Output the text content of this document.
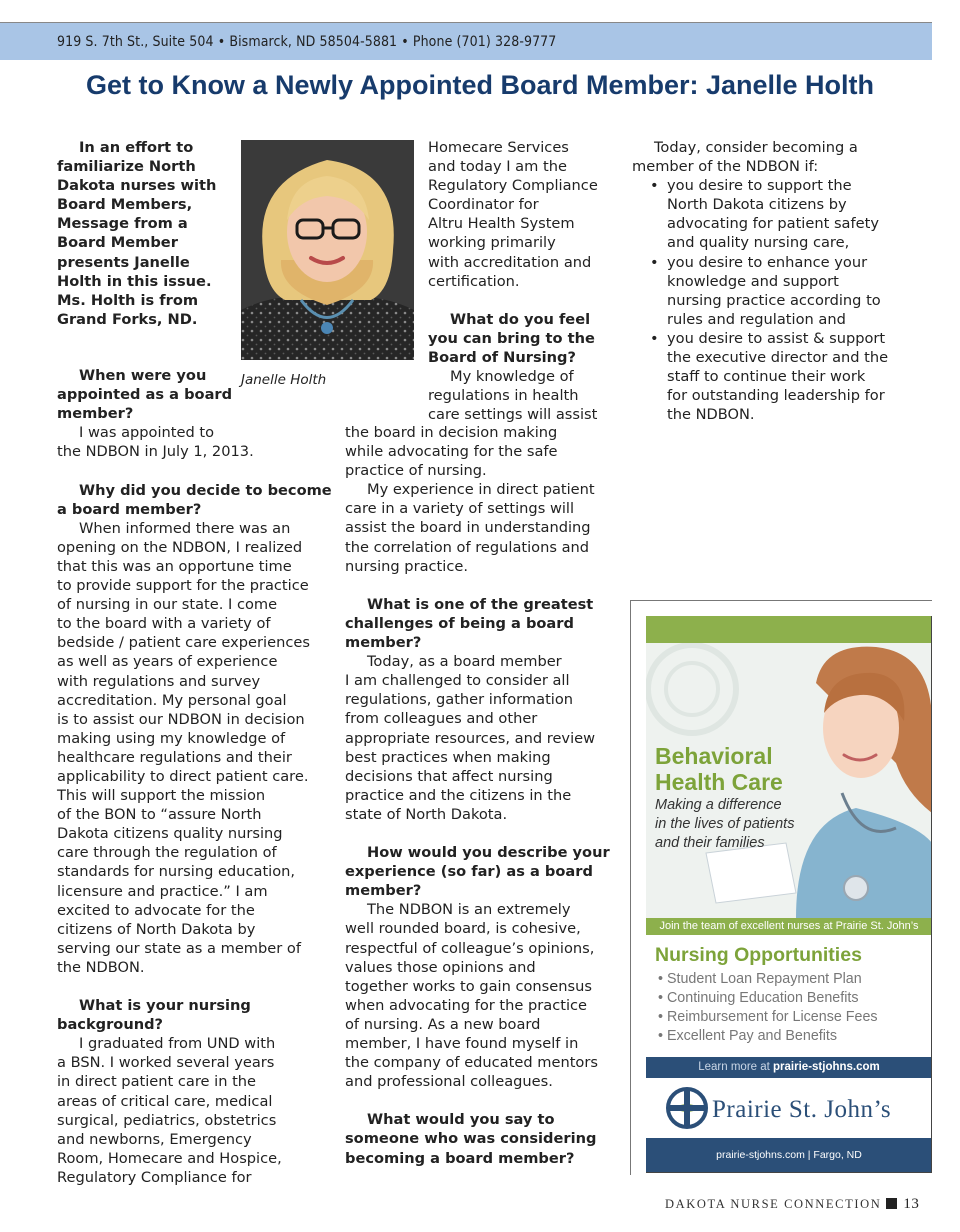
919 S. 7th St., Suite 504 • Bismarck, ND 58504-5881 • Phone (701) 328-9777
Get to Know a Newly Appointed Board Member: Janelle Holth
In an effort to
familiarize North
Dakota nurses with
Board Members,
Message from a
Board Member
presents Janelle
Holth in this issue.
Ms. Holth is from
Grand Forks, ND.
Janelle Holth
When were you
appointed as a board
member?
I was appointed to
the NDBON in July 1, 2013.
Why did you decide to become
a board member?
When informed there was an
opening on the NDBON, I realized
that this was an opportune time
to provide support for the practice
of nursing in our state. I come
to the board with a variety of
bedside / patient care experiences
as well as years of experience
with regulations and survey
accreditation. My personal goal
is to assist our NDBON in decision
making using my knowledge of
healthcare regulations and their
applicability to direct patient care.
This will support the mission
of the BON to “assure North
Dakota citizens quality nursing
care through the regulation of
standards for nursing education,
licensure and practice.” I am
excited to advocate for the
citizens of North Dakota by
serving our state as a member of
the NDBON.
What is your nursing
background?
I graduated from UND with
a BSN. I worked several years
in direct patient care in the
areas of critical care, medical
surgical, pediatrics, obstetrics
and newborns, Emergency
Room, Homecare and Hospice,
Regulatory Compliance for
Homecare Services
and today I am the
Regulatory Compliance
Coordinator for
Altru Health System
working primarily
with accreditation and
certification.
What do you feel
you can bring to the
Board of Nursing?
My knowledge of
regulations in health
care settings will assist
the board in decision making
while advocating for the safe
practice of nursing.
My experience in direct patient
care in a variety of settings will
assist the board in understanding
the correlation of regulations and
nursing practice.
What is one of the greatest
challenges of being a board
member?
Today, as a board member
I am challenged to consider all
regulations, gather information
from colleagues and other
appropriate resources, and review
best practices when making
decisions that affect nursing
practice and the citizens in the
state of North Dakota.
How would you describe your
experience (so far) as a board
member?
The NDBON is an extremely
well rounded board, is cohesive,
respectful of colleague’s opinions,
values those opinions and
together works to gain consensus
when advocating for the practice
of nursing. As a new board
member, I have found myself in
the company of educated mentors
and professional colleagues.
What would you say to
someone who was considering
becoming a board member?
Today, consider becoming a
member of the NDBON if:
• you desire to support the
North Dakota citizens by
advocating for patient safety
and quality nursing care,
• you desire to enhance your
knowledge and support
nursing practice according to
rules and regulation and
• you desire to assist & support
the executive director and the
staff to continue their work
for outstanding leadership for
the NDBON.
Behavioral
Health Care
Making a difference
in the lives of patients
and their families
Join the team of excellent nurses at Prairie St. John’s
Nursing Opportunities
• Student Loan Repayment Plan
• Continuing Education Benefits
• Reimbursement for License Fees
• Excellent Pay and Benefits
Learn more at prairie-stjohns.com
Prairie St. John’s
prairie-stjohns.com | Fargo, ND
DAKOTA NURSE CONNECTION 13
